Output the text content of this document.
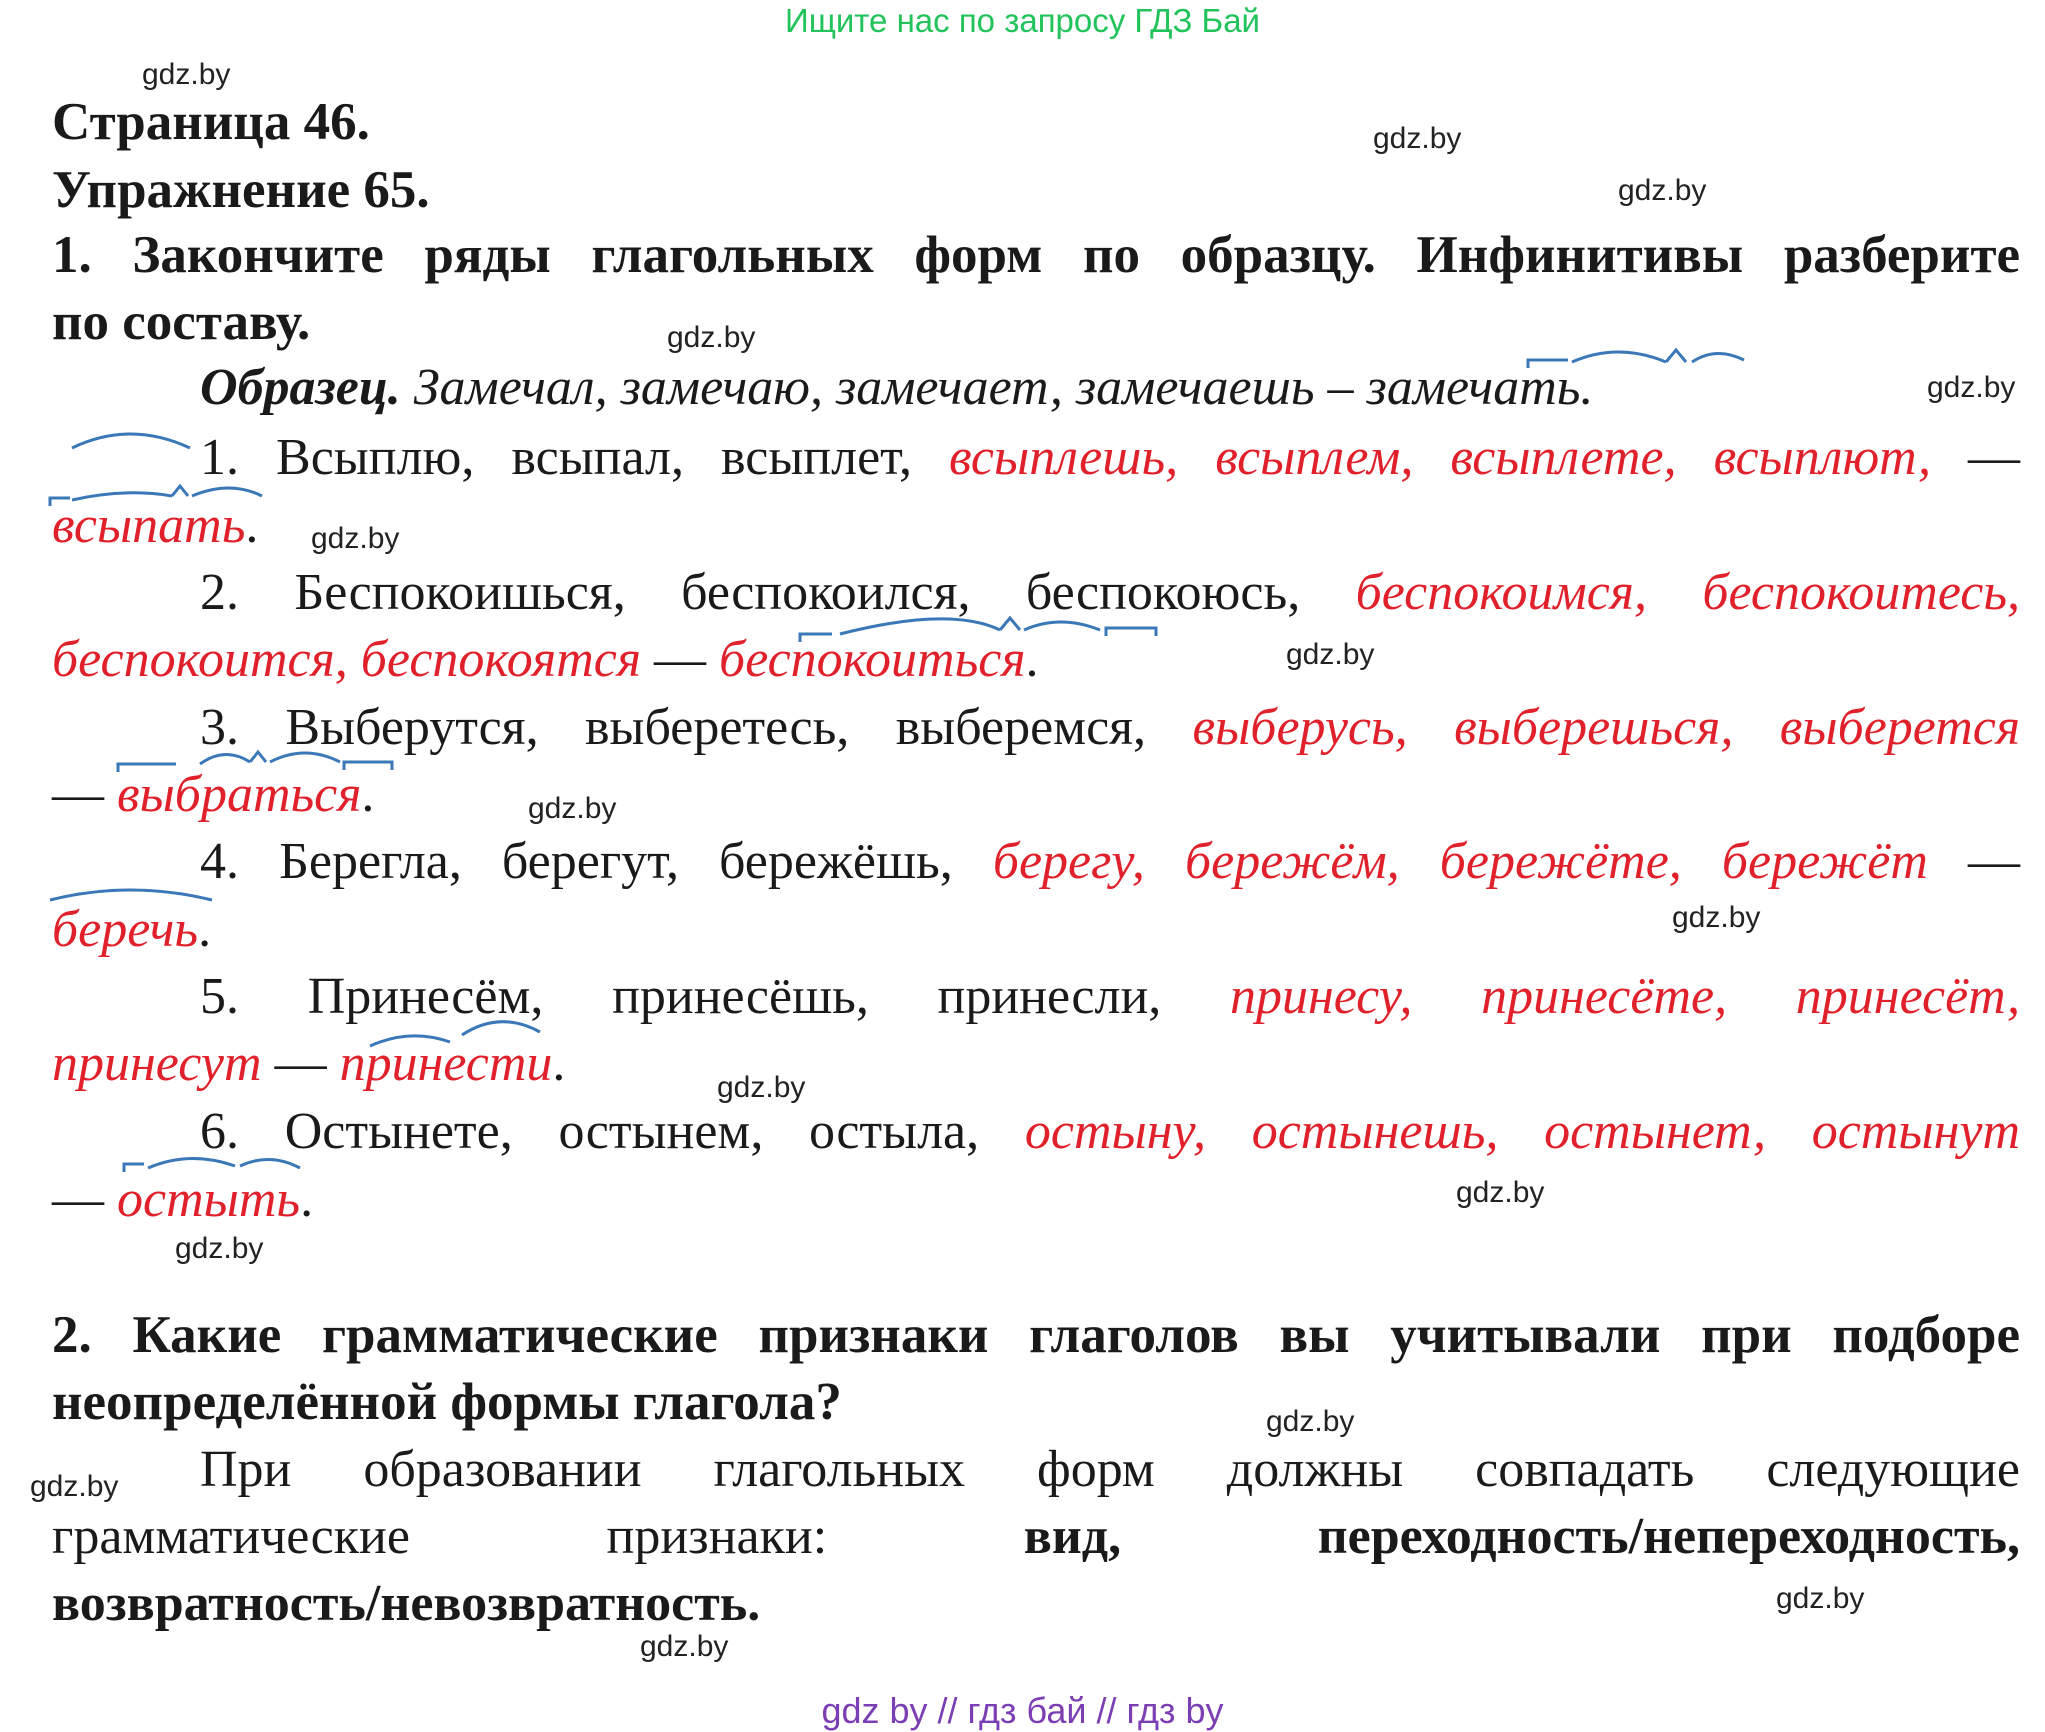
Ищите нас по запросу ГДЗ Бай
gdz.by
gdz.by
gdz.by
gdz.by
gdz.by
gdz.by
gdz.by
gdz.by
gdz.by
gdz.by
gdz.by
gdz.by
gdz.by
gdz.by
gdz.by
gdz.by
Страница 46.
Упражнение 65.
1. Закончите ряды глагольных форм по образцу. Инфинитивы разберите
по составу.
Образец. Замечал, замечаю, замечает, замечаешь – замечать.
1. Всыплю, всыпал, всыплет, всыплешь, всыплем, всыплете, всыплют, —
всыпать.
2. Беспокоишься, беспокоился, беспокоюсь, беспокоимся, беспокоитесь,
беспокоится, беспокоятся — беспокоиться.
3. Выберутся, выберетесь, выберемся, выберусь, выберешься, выберется
— выбраться.
4. Берегла, берегут, бережёшь, берегу, бережём, бережёте, бережёт —
беречь.
5. Принесём, принесёшь, принесли, принесу, принесёте, принесёт,
принесут — принести.
6. Остынете, остынем, остыла, остыну, остынешь, остынет, остынут
— остыть.
2. Какие грамматические признаки глаголов вы учитывали при подборе
неопределённой формы глагола?
При образовании глагольных форм должны совпадать следующие
грамматические признаки: вид, переходность/непереходность,
возвратность/невозвратность.
gdz by // гдз бай // гдз by
